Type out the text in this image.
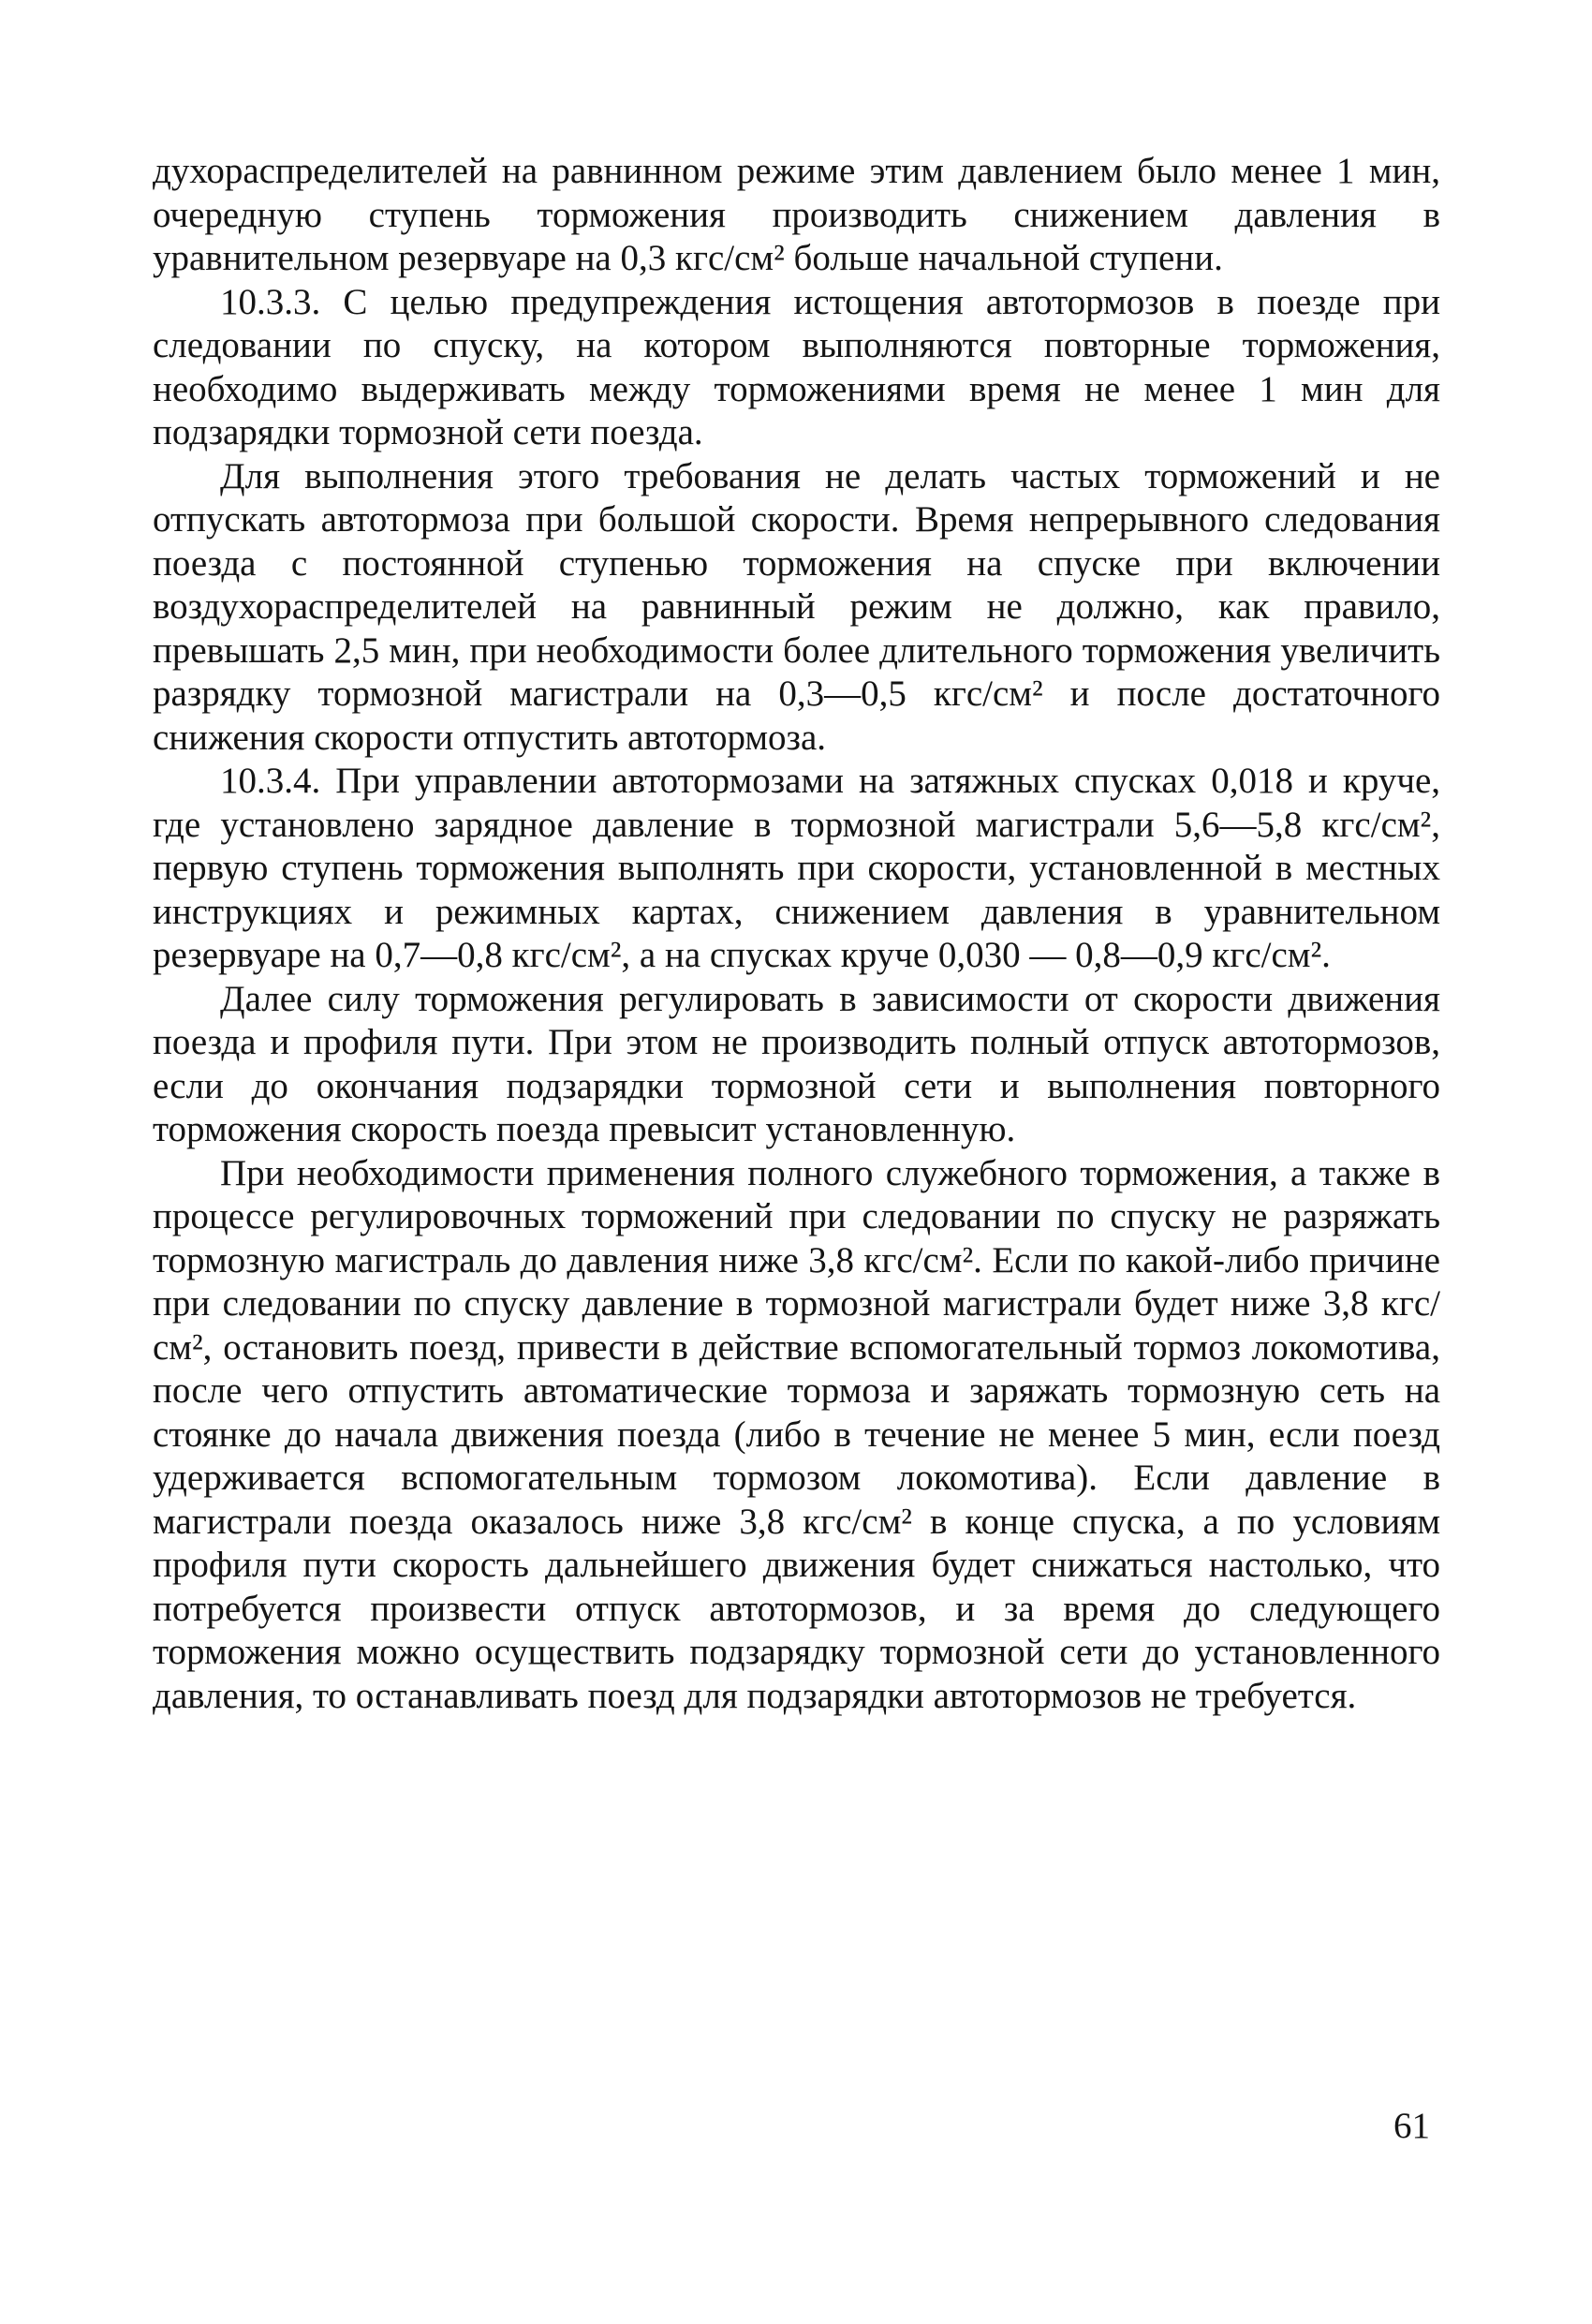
духораспределителей на равнинном режиме этим давлением было менее 1 мин, очередную ступень торможения производить снижением давления в уравнительном резервуаре на 0,3 кгс/см² больше начальной ступени.

10.3.3. С целью предупреждения истощения автотормозов в поезде при следовании по спуску, на котором выполняются повторные торможения, необходимо выдерживать между торможениями время не менее 1 мин для подзарядки тормозной сети поезда.

Для выполнения этого требования не делать частых торможений и не отпускать автотормоза при большой скорости. Время непрерывного следования поезда с постоянной ступенью торможения на спуске при включении воздухораспределителей на равнинный режим не должно, как правило, превышать 2,5 мин, при необходимости более длительного торможения увеличить разрядку тормозной магистрали на 0,3—0,5 кгс/см² и после достаточного снижения скорости отпустить автотормоза.

10.3.4. При управлении автотормозами на затяжных спусках 0,018 и круче, где установлено зарядное давление в тормозной магистрали 5,6—5,8 кгс/см², первую ступень торможения выполнять при скорости, установленной в местных инструкциях и режимных картах, снижением давления в уравнительном резервуаре на 0,7—0,8 кгс/см², а на спусках круче 0,030 — 0,8—0,9 кгс/см².

Далее силу торможения регулировать в зависимости от скорости движения поезда и профиля пути. При этом не производить полный отпуск автотормозов, если до окончания подзарядки тормозной сети и выполнения повторного торможения скорость поезда превысит установленную.

При необходимости применения полного служебного торможения, а также в процессе регулировочных торможений при следовании по спуску не разряжать тормозную магистраль до давления ниже 3,8 кгс/см². Если по какой-либо причине при следовании по спуску давление в тормозной магистрали будет ниже 3,8 кгс/см², остановить поезд, привести в действие вспомогательный тормоз локомотива, после чего отпустить автоматические тормоза и заряжать тормозную сеть на стоянке до начала движения поезда (либо в течение не менее 5 мин, если поезд удерживается вспомогательным тормозом локомотива). Если давление в магистрали поезда оказалось ниже 3,8 кгс/см² в конце спуска, а по условиям профиля пути скорость дальнейшего движения будет снижаться настолько, что потребуется произвести отпуск автотормозов, и за время до следующего торможения можно осуществить подзарядку тормозной сети до установленного давления, то останавливать поезд для подзарядки автотормозов не требуется.

61
